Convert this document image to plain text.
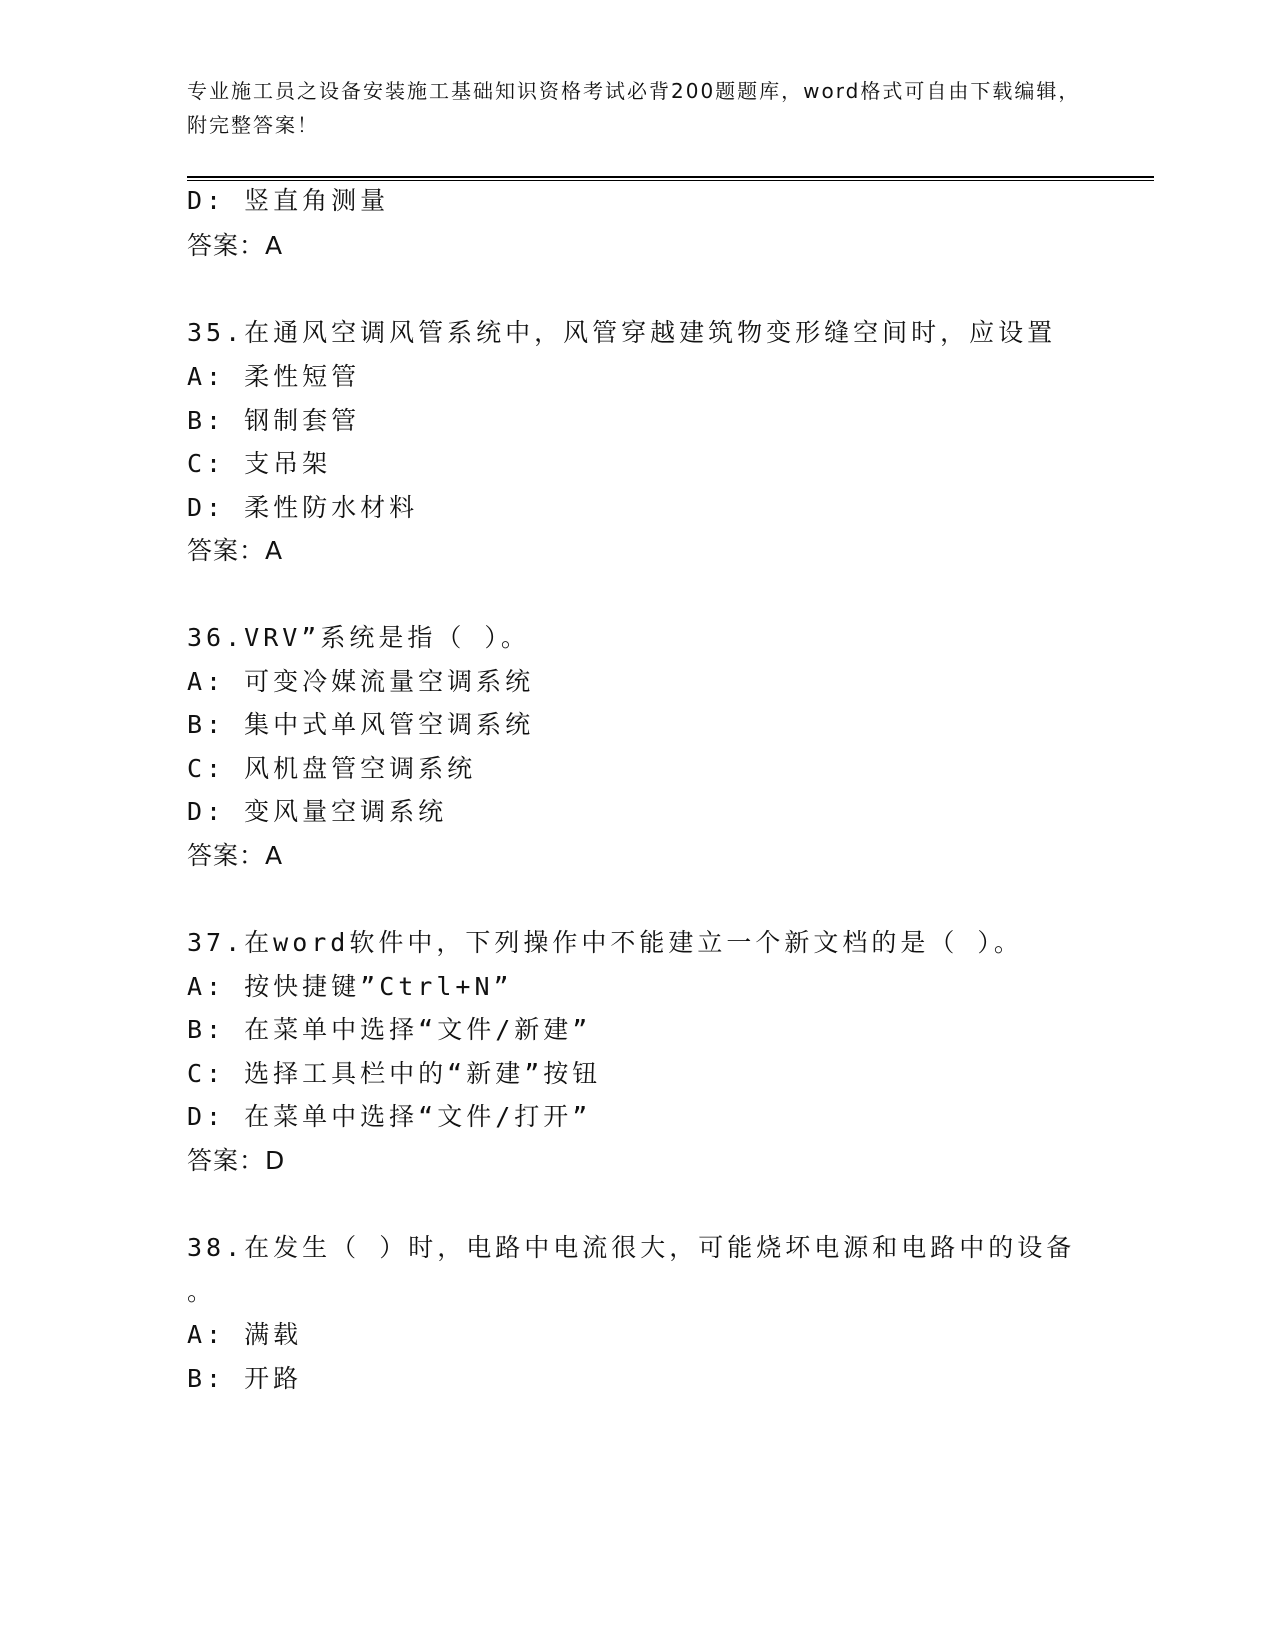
专业施工员之设备安装施工基础知识资格考试必背200题题库，word格式可自由下载编辑，附完整答案！
D: 竖直角测量
答案：A
35.在通风空调风管系统中，风管穿越建筑物变形缝空间时，应设置
A: 柔性短管
B: 钢制套管
C: 支吊架
D: 柔性防水材料
答案：A
36.VRV”系统是指（ ）。
A: 可变冷媒流量空调系统
B: 集中式单风管空调系统
C: 风机盘管空调系统
D: 变风量空调系统
答案：A
37.在word软件中，下列操作中不能建立一个新文档的是（ ）。
A: 按快捷键”Ctrl+N”
B: 在菜单中选择“文件/新建”
C: 选择工具栏中的“新建”按钮
D: 在菜单中选择“文件/打开”
答案：D
38.在发生（ ）时，电路中电流很大，可能烧坏电源和电路中的设备
。
A: 满载
B: 开路
